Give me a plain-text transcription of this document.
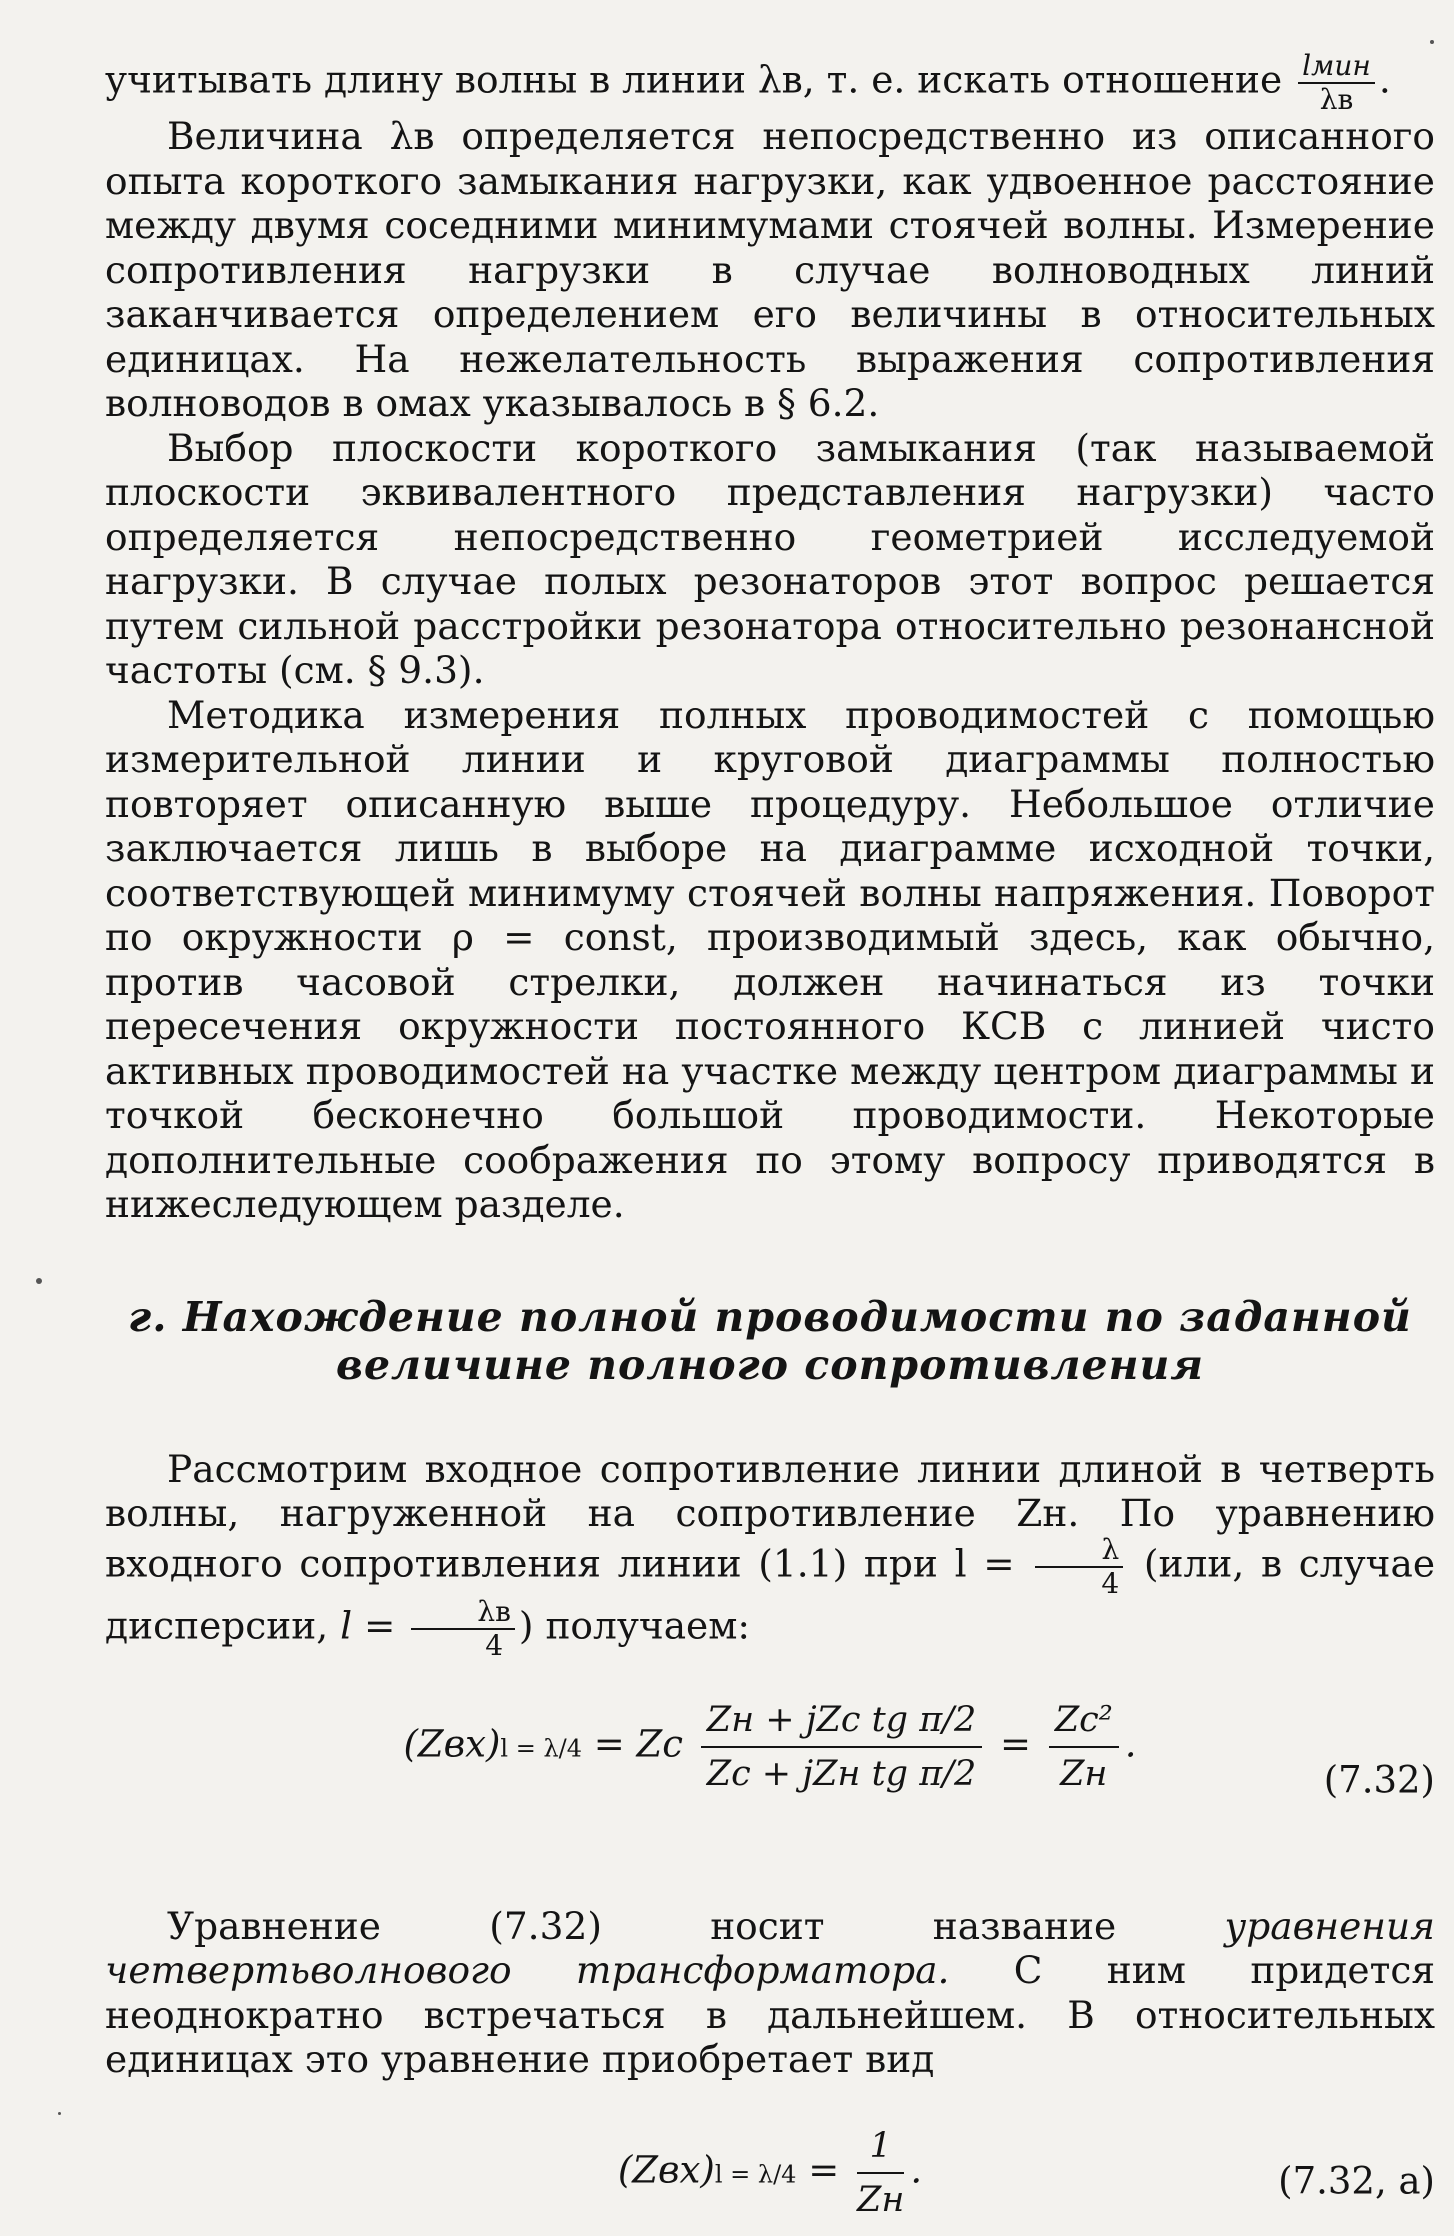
учитывать длину волны в линии λв, т. е. искать отношение $\frac{\text{lмин}}{\lambda в}$ .

Величина λв определяется непосредственно из описанного опыта короткого замыкания нагрузки, как удвоенное расстояние между двумя соседними минимумами стоячей волны. Измерение сопротивления нагрузки в случае волноводных линий заканчивается определением его величины в относительных единицах. На нежелательность выражения сопротивления волноводов в омах указывалось в § 6.2.

Выбор плоскости короткого замыкания (так называемой плоскости эквивалентного представления нагрузки) часто определяется непосредственно геометрией исследуемой нагрузки. В случае полых резонаторов этот вопрос решается путем сильной расстройки резонатора относительно резонансной частоты (см. § 9.3).

Методика измерения полных проводимостей с помощью измерительной линии и круговой диаграммы полностью повторяет описанную выше процедуру. Небольшое отличие заключается лишь в выборе на диаграмме исходной точки, соответствующей минимуму стоячей волны напряжения. Поворот по окружности ρ = const, производимый здесь, как обычно, против часовой стрелки, должен начинаться из точки пересечения окружности постоянного КСВ с линией чисто активных проводимостей на участке между центром диаграммы и точкой бесконечно большой проводимости. Некоторые дополнительные соображения по этому вопросу приводятся в нижеследующем разделе.

г. Нахождение полной проводимости по заданной
величине полного сопротивления

Рассмотрим входное сопротивление линии длиной в четверть волны, нагруженной на сопротивление Zн. По уравнению входного сопротивления линии (1.1) при $l = \frac{\lambda}{4} (или$, в случае дисперсии, $l = \frac{\lambda в}{4}$ ) получаем:

(Zвх)l = λ/4 = Zc $\frac{\text{Zн + jZc tg π/2}}{\text{Zc + jZн tg π/2}} = \frac{\text{Zc²}}{Zн}$ .
(7.32)

Уравнение (7.32) носит название	уравнения четвертьволнового трансформатора. С ним придется неоднократно встречаться в дальнейшем. В относительных единицах это уравнение приобретает вид

$(Zвх)l = \lambda/4 = \frac{1}{Zн}$ .	(7.32, а)
